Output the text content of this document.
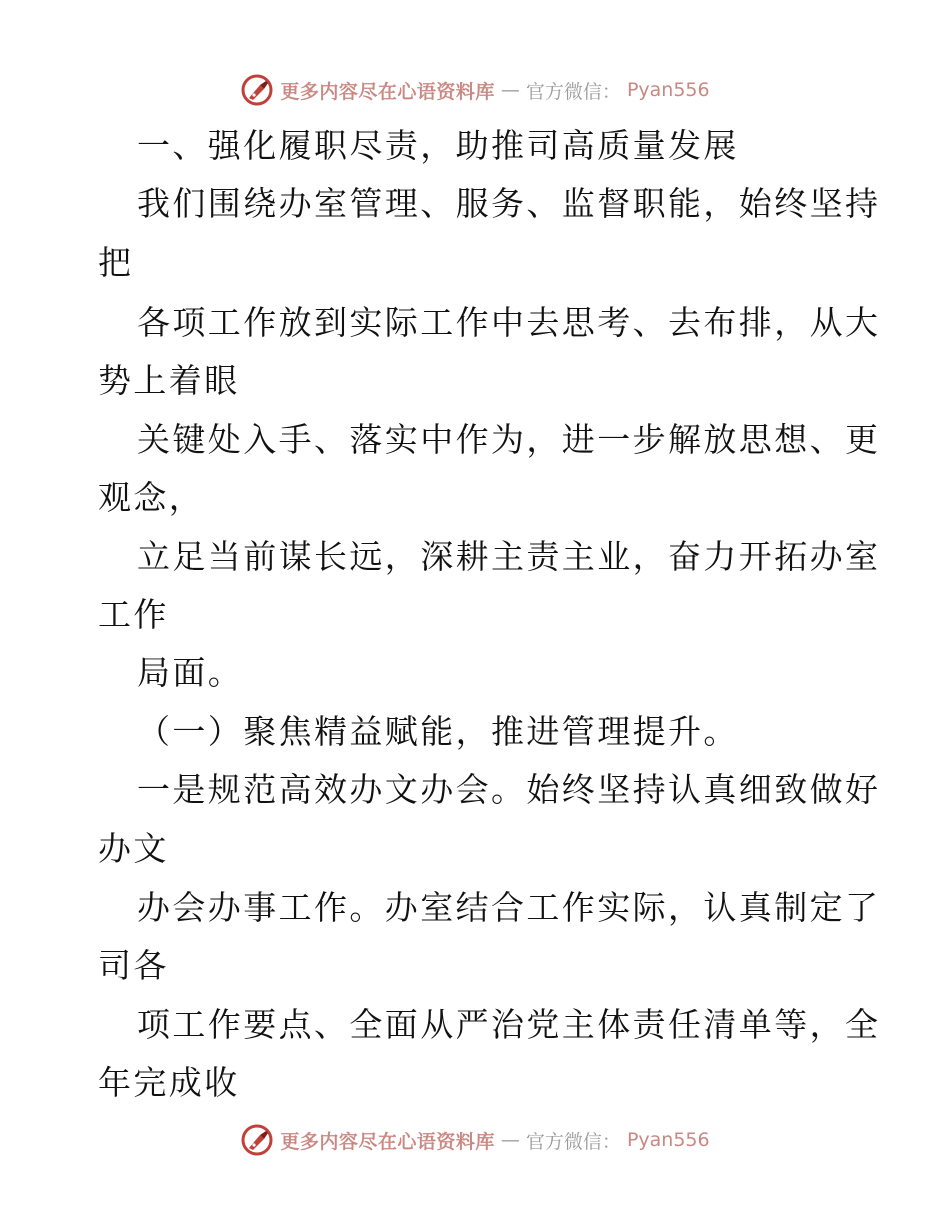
更多内容尽在心语资料库 — 官方微信： Pyan556
一、强化履职尽责，助推司高质量发展
我们围绕办室管理、服务、监督职能，始终坚持
把
各项工作放到实际工作中去思考、去布排，从大
势上着眼
关键处入手、落实中作为，进一步解放思想、更
观念，
立足当前谋长远，深耕主责主业，奋力开拓办室
工作
局面。
（一）聚焦精益赋能，推进管理提升。
一是规范高效办文办会。始终坚持认真细致做好
办文
办会办事工作。办室结合工作实际，认真制定了
司各
项工作要点、全面从严治党主体责任清单等，全
年完成收
更多内容尽在心语资料库 — 官方微信： Pyan556
